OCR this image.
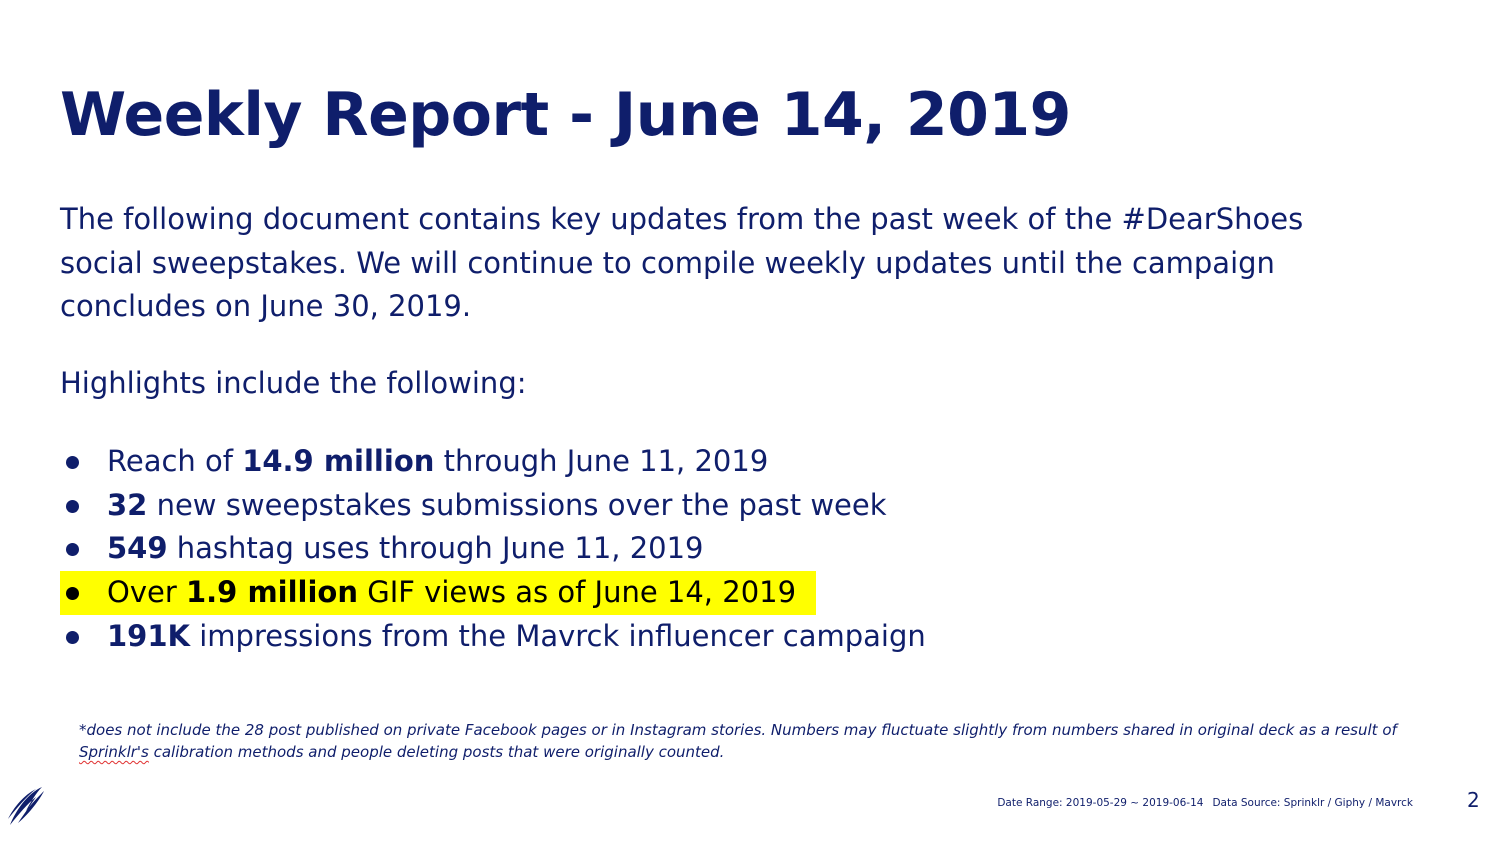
Weekly Report - June 14, 2019

The following document contains key updates from the past week of the #DearShoes social sweepstakes. We will continue to compile weekly updates until the campaign concludes on June 30, 2019.

Highlights include the following:

Reach of 14.9 million through June 11, 2019
32 new sweepstakes submissions over the past week
549 hashtag uses through June 11, 2019
Over 1.9 million GIF views as of June 14, 2019
191K impressions from the Mavrck influencer campaign

*does not include the 28 post published on private Facebook pages or in Instagram stories. Numbers may fluctuate slightly from numbers shared in original deck as a result of Sprinklr's calibration methods and people deleting posts that were originally counted.

Date Range: 2019-05-29 ~ 2019-06-14 Data Source: Sprinklr / Giphy / Mavrck	2
